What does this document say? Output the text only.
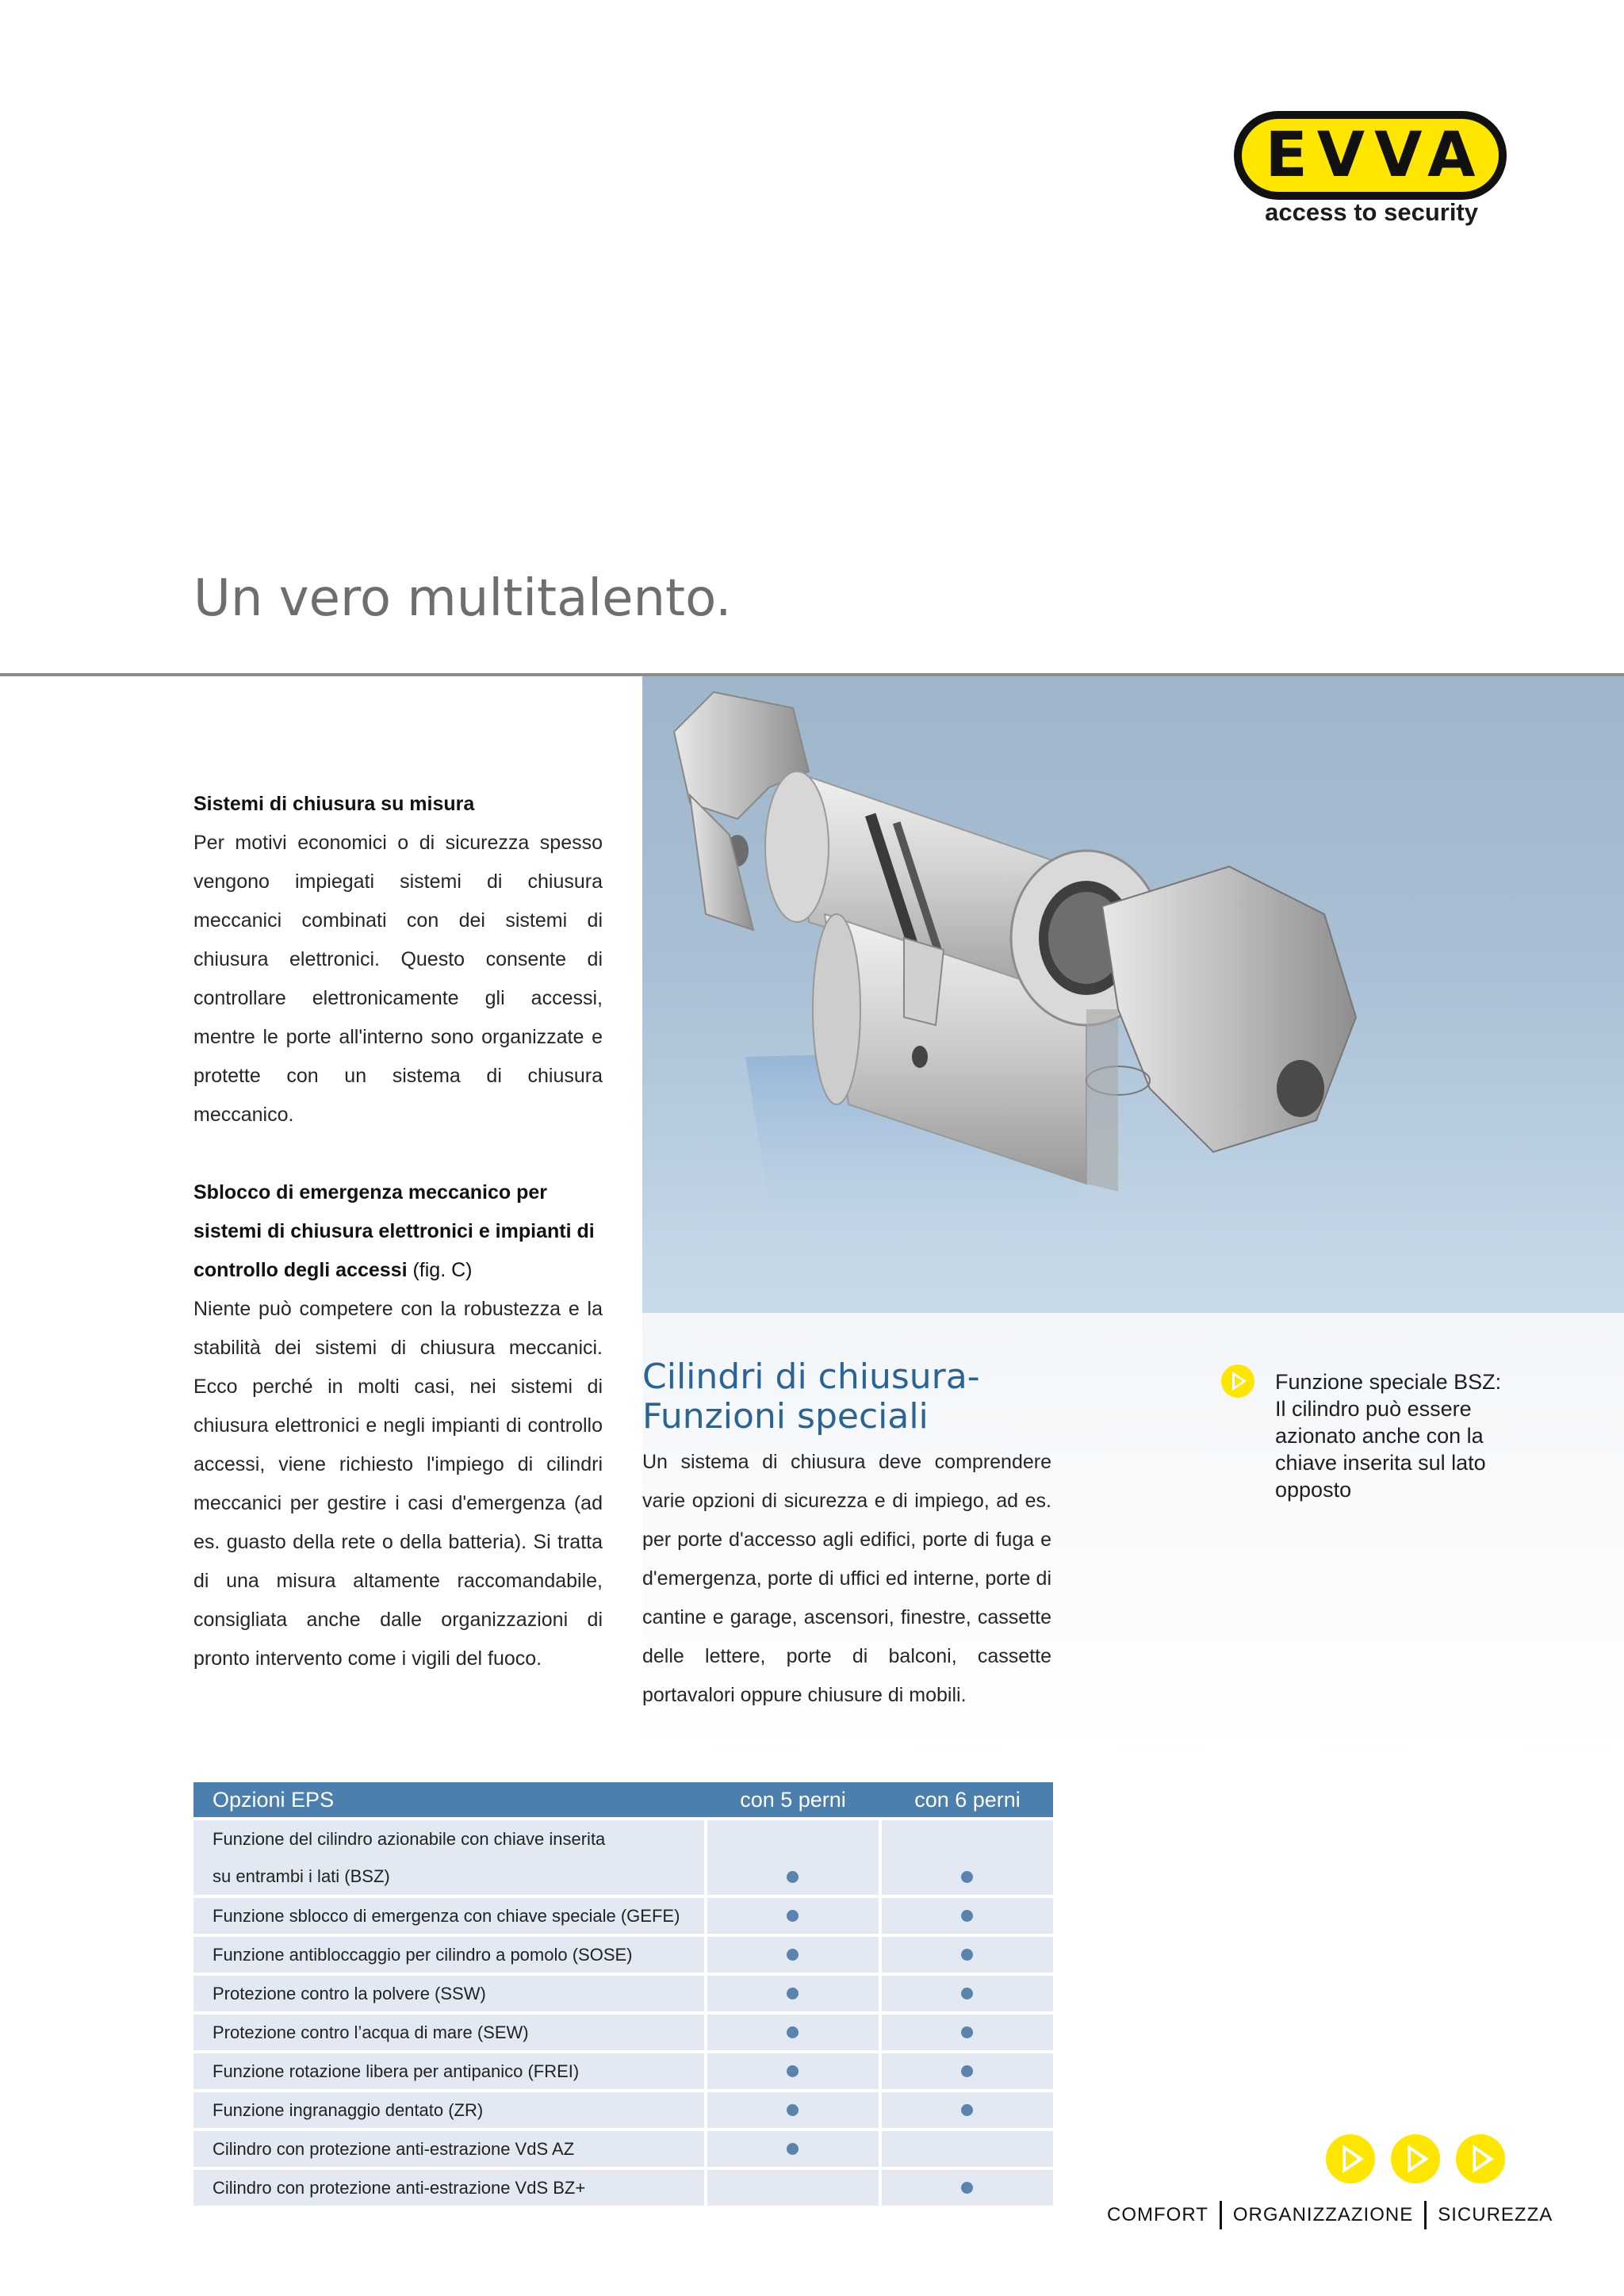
EVVA
access to security
Un vero multitalento.
Sistemi di chiusura su misura
Per motivi economici o di sicurezza spesso vengono impiegati sistemi di chiusura meccanici combinati con dei sistemi di chiusura elettronici. Questo consente di controllare elettronicamente gli accessi, mentre le porte all'interno sono organizzate e protette con un sistema di chiusura meccanico.
Sblocco di emergenza meccanico per sistemi di chiusura elettronici e impianti di controllo degli accessi (fig. C)
Niente può competere con la robustezza e la stabilità dei sistemi di chiusura meccanici. Ecco perché in molti casi, nei sistemi di chiusura elettronici e negli impianti di controllo accessi, viene richiesto l'impiego di cilindri meccanici per gestire i casi d'emergenza (ad es. guasto della rete o della batteria). Si tratta di una misura altamente raccomandabile, consigliata anche dalle organizzazioni di pronto intervento come i vigili del fuoco.
Cilindri di chiusura-
Funzioni speciali
Un sistema di chiusura deve comprendere varie opzioni di sicurezza e di impiego, ad es. per porte d'accesso agli edifici, porte di fuga e d'emergenza, porte di uffici ed interne, porte di cantine e garage, ascensori, finestre, cassette delle lettere, porte di balconi, cassette portavalori oppure chiusure di mobili.
Funzione speciale BSZ: Il cilindro può essere azionato anche con la chiave inserita sul lato opposto
Opzioni EPS	con 5 perni	con 6 perni
Funzione del cilindro azionabile con chiave inserita
su entrambi i lati (BSZ)
Funzione sblocco di emergenza con chiave speciale (GEFE)
Funzione antibloccaggio per cilindro a pomolo (SOSE)
Protezione contro la polvere (SSW)
Protezione contro l’acqua di mare (SEW)
Funzione rotazione libera per antipanico (FREI)
Funzione ingranaggio dentato (ZR)
Cilindro con protezione anti-estrazione VdS AZ
Cilindro con protezione anti-estrazione VdS BZ+
COMFORT ORGANIZZAZIONE SICUREZZA
